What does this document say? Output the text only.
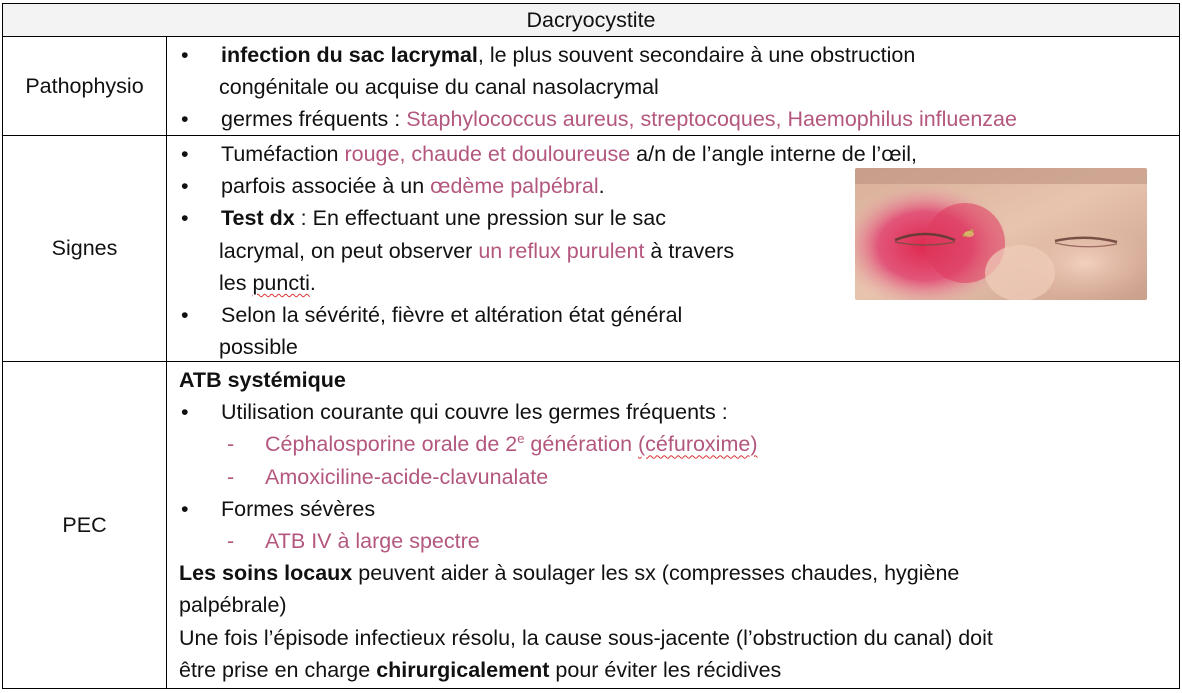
Dacryocystite
Pathophysio
•	infection du sac lacrymal, le plus souvent secondaire à une obstruction
congénitale ou acquise du canal nasolacrymal
•	germes fréquents : Staphylococcus aureus, streptocoques, Haemophilus influenzae
Signes
•	Tuméfaction rouge, chaude et douloureuse a/n de l’angle interne de l’œil,
•	parfois associée à un œdème palpébral.
•	Test dx : En effectuant une pression sur le sac
lacrymal, on peut observer un reflux purulent à travers
les puncti.
•	Selon la sévérité, fièvre et altération état général
possible
PEC
ATB systémique
•	Utilisation courante qui couvre les germes fréquents :
-	Céphalosporine orale de 2e génération (céfuroxime)
-	Amoxiciline-acide-clavunalate
•	Formes sévères
-	ATB IV à large spectre
Les soins locaux peuvent aider à soulager les sx (compresses chaudes, hygiène
palpébrale)
Une fois l’épisode infectieux résolu, la cause sous-jacente (l’obstruction du canal) doit
être prise en charge chirurgicalement pour éviter les récidives
